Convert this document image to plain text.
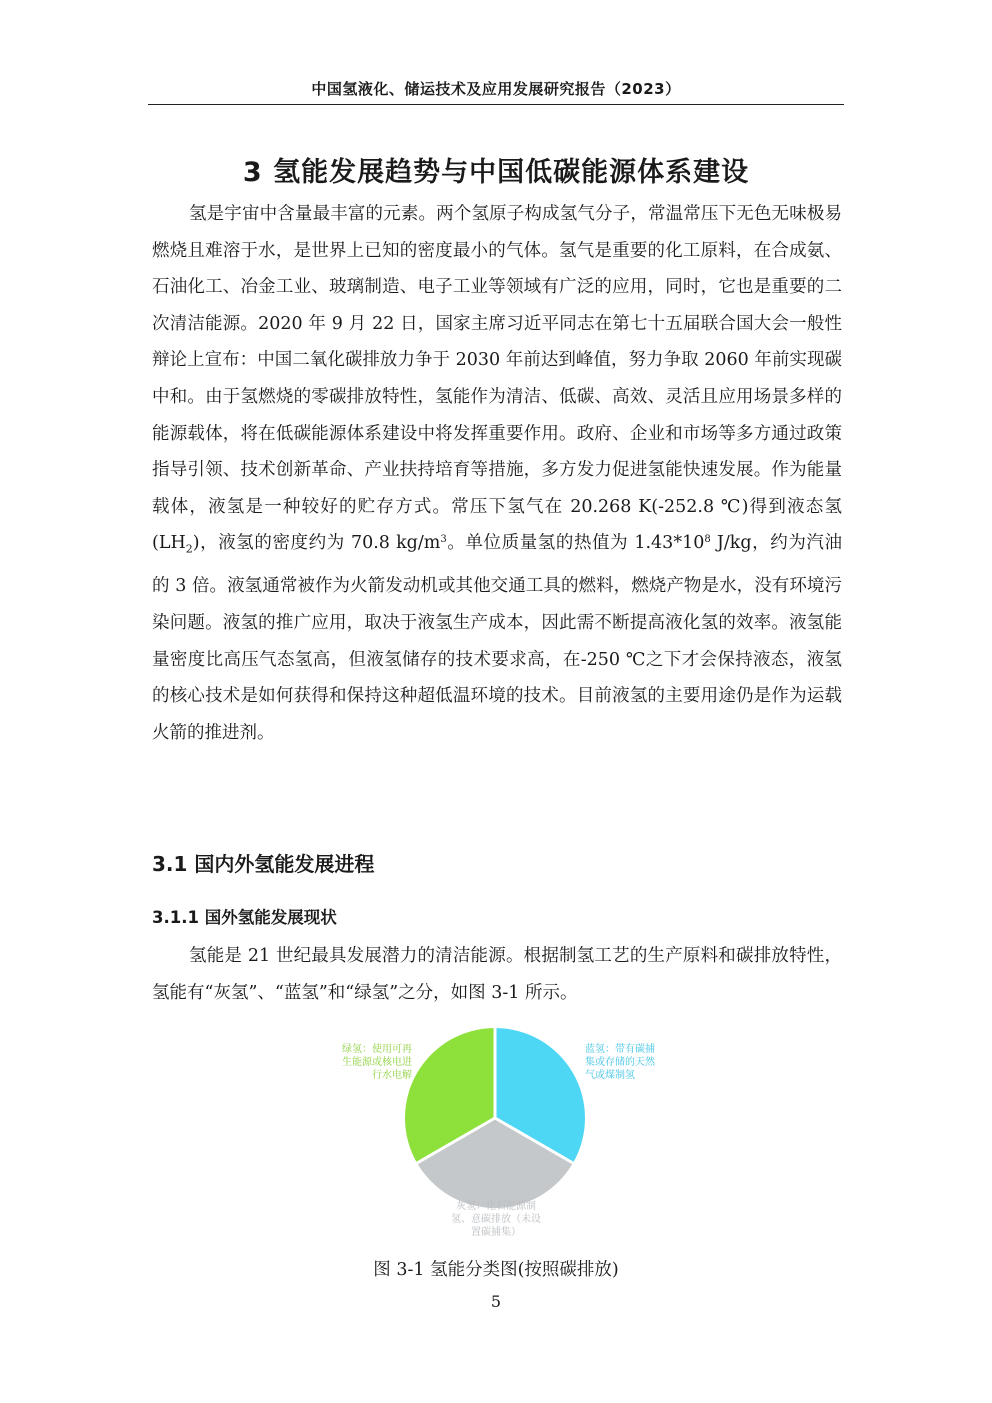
中国氢液化、储运技术及应用发展研究报告（2023）
3 氢能发展趋势与中国低碳能源体系建设

氢是宇宙中含量最丰富的元素。两个氢原子构成氢气分子，常温常压下无色无味极易燃烧且难溶于水，是世界上已知的密度最小的气体。氢气是重要的化工原料，在合成氨、石油化工、冶金工业、玻璃制造、电子工业等领域有广泛的应用，同时，它也是重要的二次清洁能源。2020 年 9 月 22 日，国家主席习近平同志在第七十五届联合国大会一般性辩论上宣布：中国二氧化碳排放力争于 2030 年前达到峰值，努力争取 2060 年前实现碳中和。由于氢燃烧的零碳排放特性，氢能作为清洁、低碳、高效、灵活且应用场景多样的能源载体，将在低碳能源体系建设中将发挥重要作用。政府、企业和市场等多方通过政策指导引领、技术创新革命、产业扶持培育等措施，多方发力促进氢能快速发展。作为能量载体，液氢是一种较好的贮存方式。常压下氢气在 20.268 K(-252.8 ℃)得到液态氢$(LH_2)$，液氢的密度约为 70.8 $kg/m^3$。单位质量氢的热值为 $1.43*10^8$ J/kg，约为汽油的 3 倍。液氢通常被作为火箭发动机或其他交通工具的燃料，燃烧产物是水，没有环境污染问题。液氢的推广应用，取决于液氢生产成本，因此需不断提高液化氢的效率。液氢能量密度比高压气态氢高，但液氢储存的技术要求高，在-250 ℃之下才会保持液态，液氢的核心技术是如何获得和保持这种超低温环境的技术。目前液氢的主要用途仍是作为运载火箭的推进剂。

3.1 国内外氢能发展进程
3.1.1 国外氢能发展现状

氢能是 21 世纪最具发展潜力的清洁能源。根据制氢工艺的生产原料和碳排放特性，氢能有“灰氢”、“蓝氢”和“绿氢”之分，如图 3-1 所示。

绿氢：使用可再生能源或核电进行水电解
蓝氢：带有碳捕集或存储的天然气或煤制氢
灰氢：化石能源制氢、意碳排放（未设置碳捕集）
图 3-1 氢能分类图(按照碳排放)
5
